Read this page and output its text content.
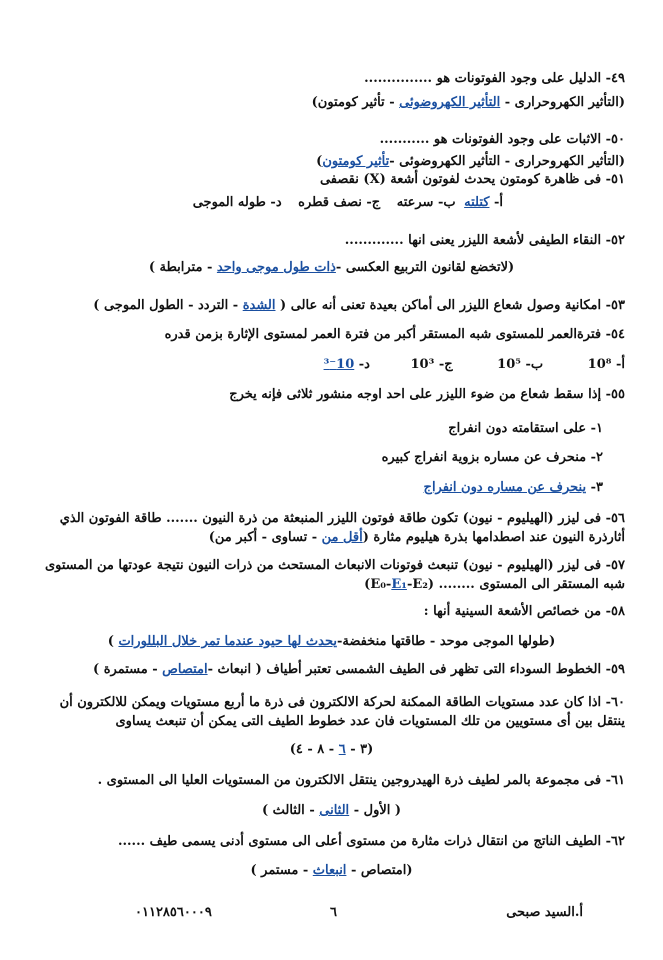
٤٩- الدليل على وجود الفوتونات هو ...............
(التأثير الكهروحرارى - التأثير الكهروضوئى - تأثير كومتون)
٥٠- الاثبات على وجود الفوتونات هو ...........
(التأثير الكهروحرارى - التأثير الكهروضوئى -تأثير كومتون)
٥١- فى ظاهرة كومتون يحدث لفوتون أشعة (X) نقصفى
أ- كتلته ب- سرعته ج- نصف قطره د- طوله الموجى
٥٢- النقاء الطيفى لأشعة الليزر يعنى انها .............
(لاتخضع لقانون التربيع العكسى -ذات طول موجى واحد - مترابطة )
٥٣- امكانية وصول شعاع الليزر الى أماكن بعيدة تعنى أنه عالى ( الشدة - التردد - الطول الموجى )
٥٤- فترةالعمر للمستوى شبه المستقر أكبر من فترة العمر لمستوى الإثارة بزمن قدره
أ- 10⁸ ب- 10⁵ ج- 10³ د- 10⁻³
٥٥- إذا سقط شعاع من ضوء الليزر على احد اوجه منشور ثلاثى فإنه يخرج
١- على استقامته دون انفراج
٢- منحرف عن مساره بزوية انفراج كبيره
٣- ينحرف عن مساره دون انفراج
٥٦- فى ليزر (الهيليوم - نيون) تكون طاقة فوتون الليزر المنبعثة من ذرة النيون ....... طاقة الفوتون الذي
أثارذرة النيون عند اصطدامها بذرة هيليوم مثارة (أقل من - تساوى - أكبر من)
٥٧- فى ليزر (الهيليوم - نيون) تنبعث فوتونات الانبعاث المستحث من ذرات النيون نتيجة عودتها من المستوى
شبه المستقر الى المستوى ........ (E₀-E₁-E₂)
٥٨- من خصائص الأشعة السينية أنها :
(طولها الموجى موحد - طاقتها منخفضة-يحدث لها حيود عندما تمر خلال البللورات )
٥٩- الخطوط السوداء التى تظهر فى الطيف الشمسى تعتبر أطياف ( انبعاث -امتصاص - مستمرة )
٦٠- اذا كان عدد مستويات الطاقة الممكنة لحركة الالكترون فى ذرة ما أربع مستويات ويمكن للالكترون أن
ينتقل بين أى مستويين من تلك المستويات فان عدد خطوط الطيف التى يمكن أن تنبعث يساوى
(٣ - ٦ - ٨ - ٤)
٦١- فى مجموعة بالمر لطيف ذرة الهيدروجين ينتقل الالكترون من المستويات العليا الى المستوى .
( الأول - الثانى - الثالث )
٦٢- الطيف الناتج من انتقال ذرات مثارة من مستوى أعلى الى مستوى أدنى يسمى طيف ......
(امتصاص - انبعاث - مستمر )
٠١١٢٨٥٦٠٠٠٩	٦	أ.السيد صبحى
